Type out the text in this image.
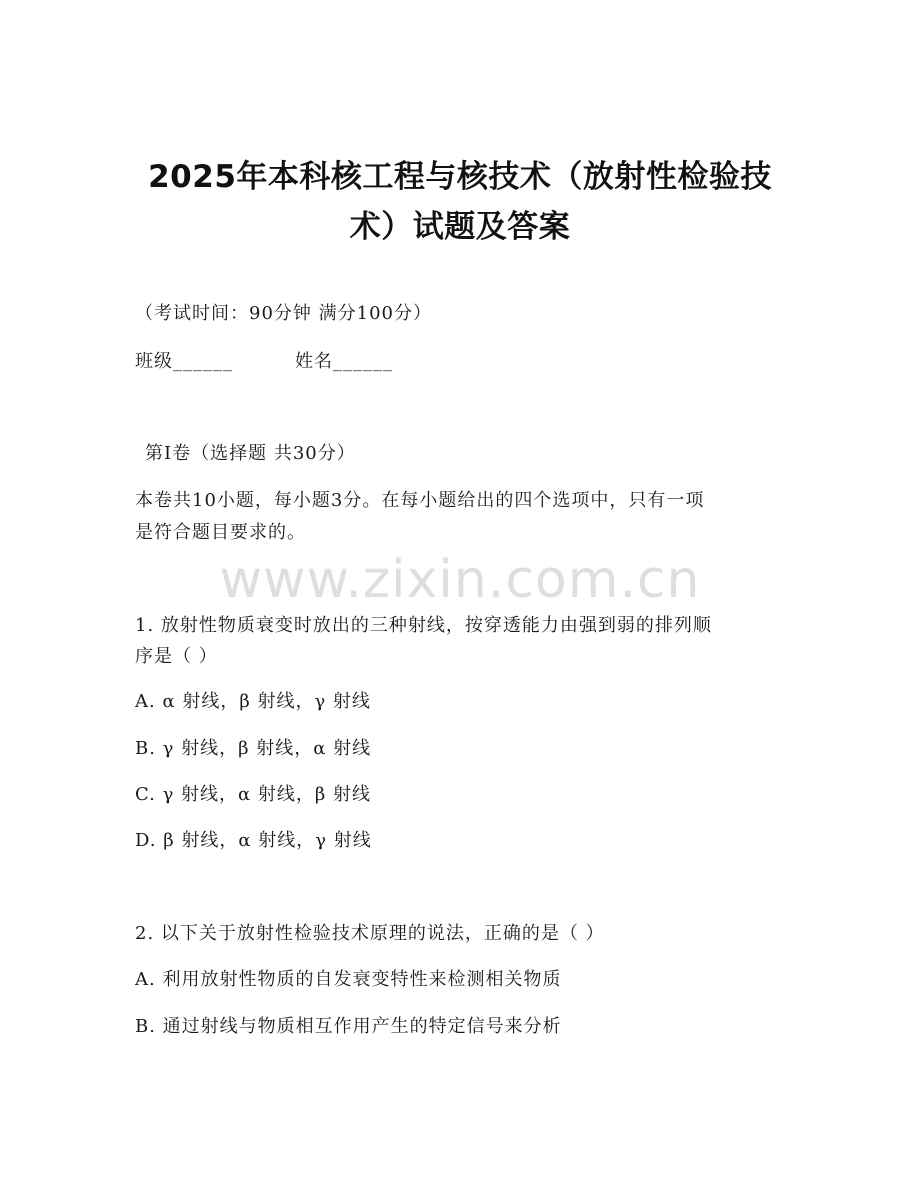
2025年本科核工程与核技术（放射性检验技
术）试题及答案
（考试时间：90分钟 满分100分）
班级______	姓名______
第Ⅰ卷（选择题 共30分）
本卷共10小题，每小题3分。在每小题给出的四个选项中，只有一项
是符合题目要求的。
www.zixin.com.cn
1. 放射性物质衰变时放出的三种射线，按穿透能力由强到弱的排列顺
序是（ ）
A. α 射线，β 射线，γ 射线
B. γ 射线，β 射线，α 射线
C. γ 射线，α 射线，β 射线
D. β 射线，α 射线，γ 射线
2. 以下关于放射性检验技术原理的说法，正确的是（ ）
A. 利用放射性物质的自发衰变特性来检测相关物质
B. 通过射线与物质相互作用产生的特定信号来分析
